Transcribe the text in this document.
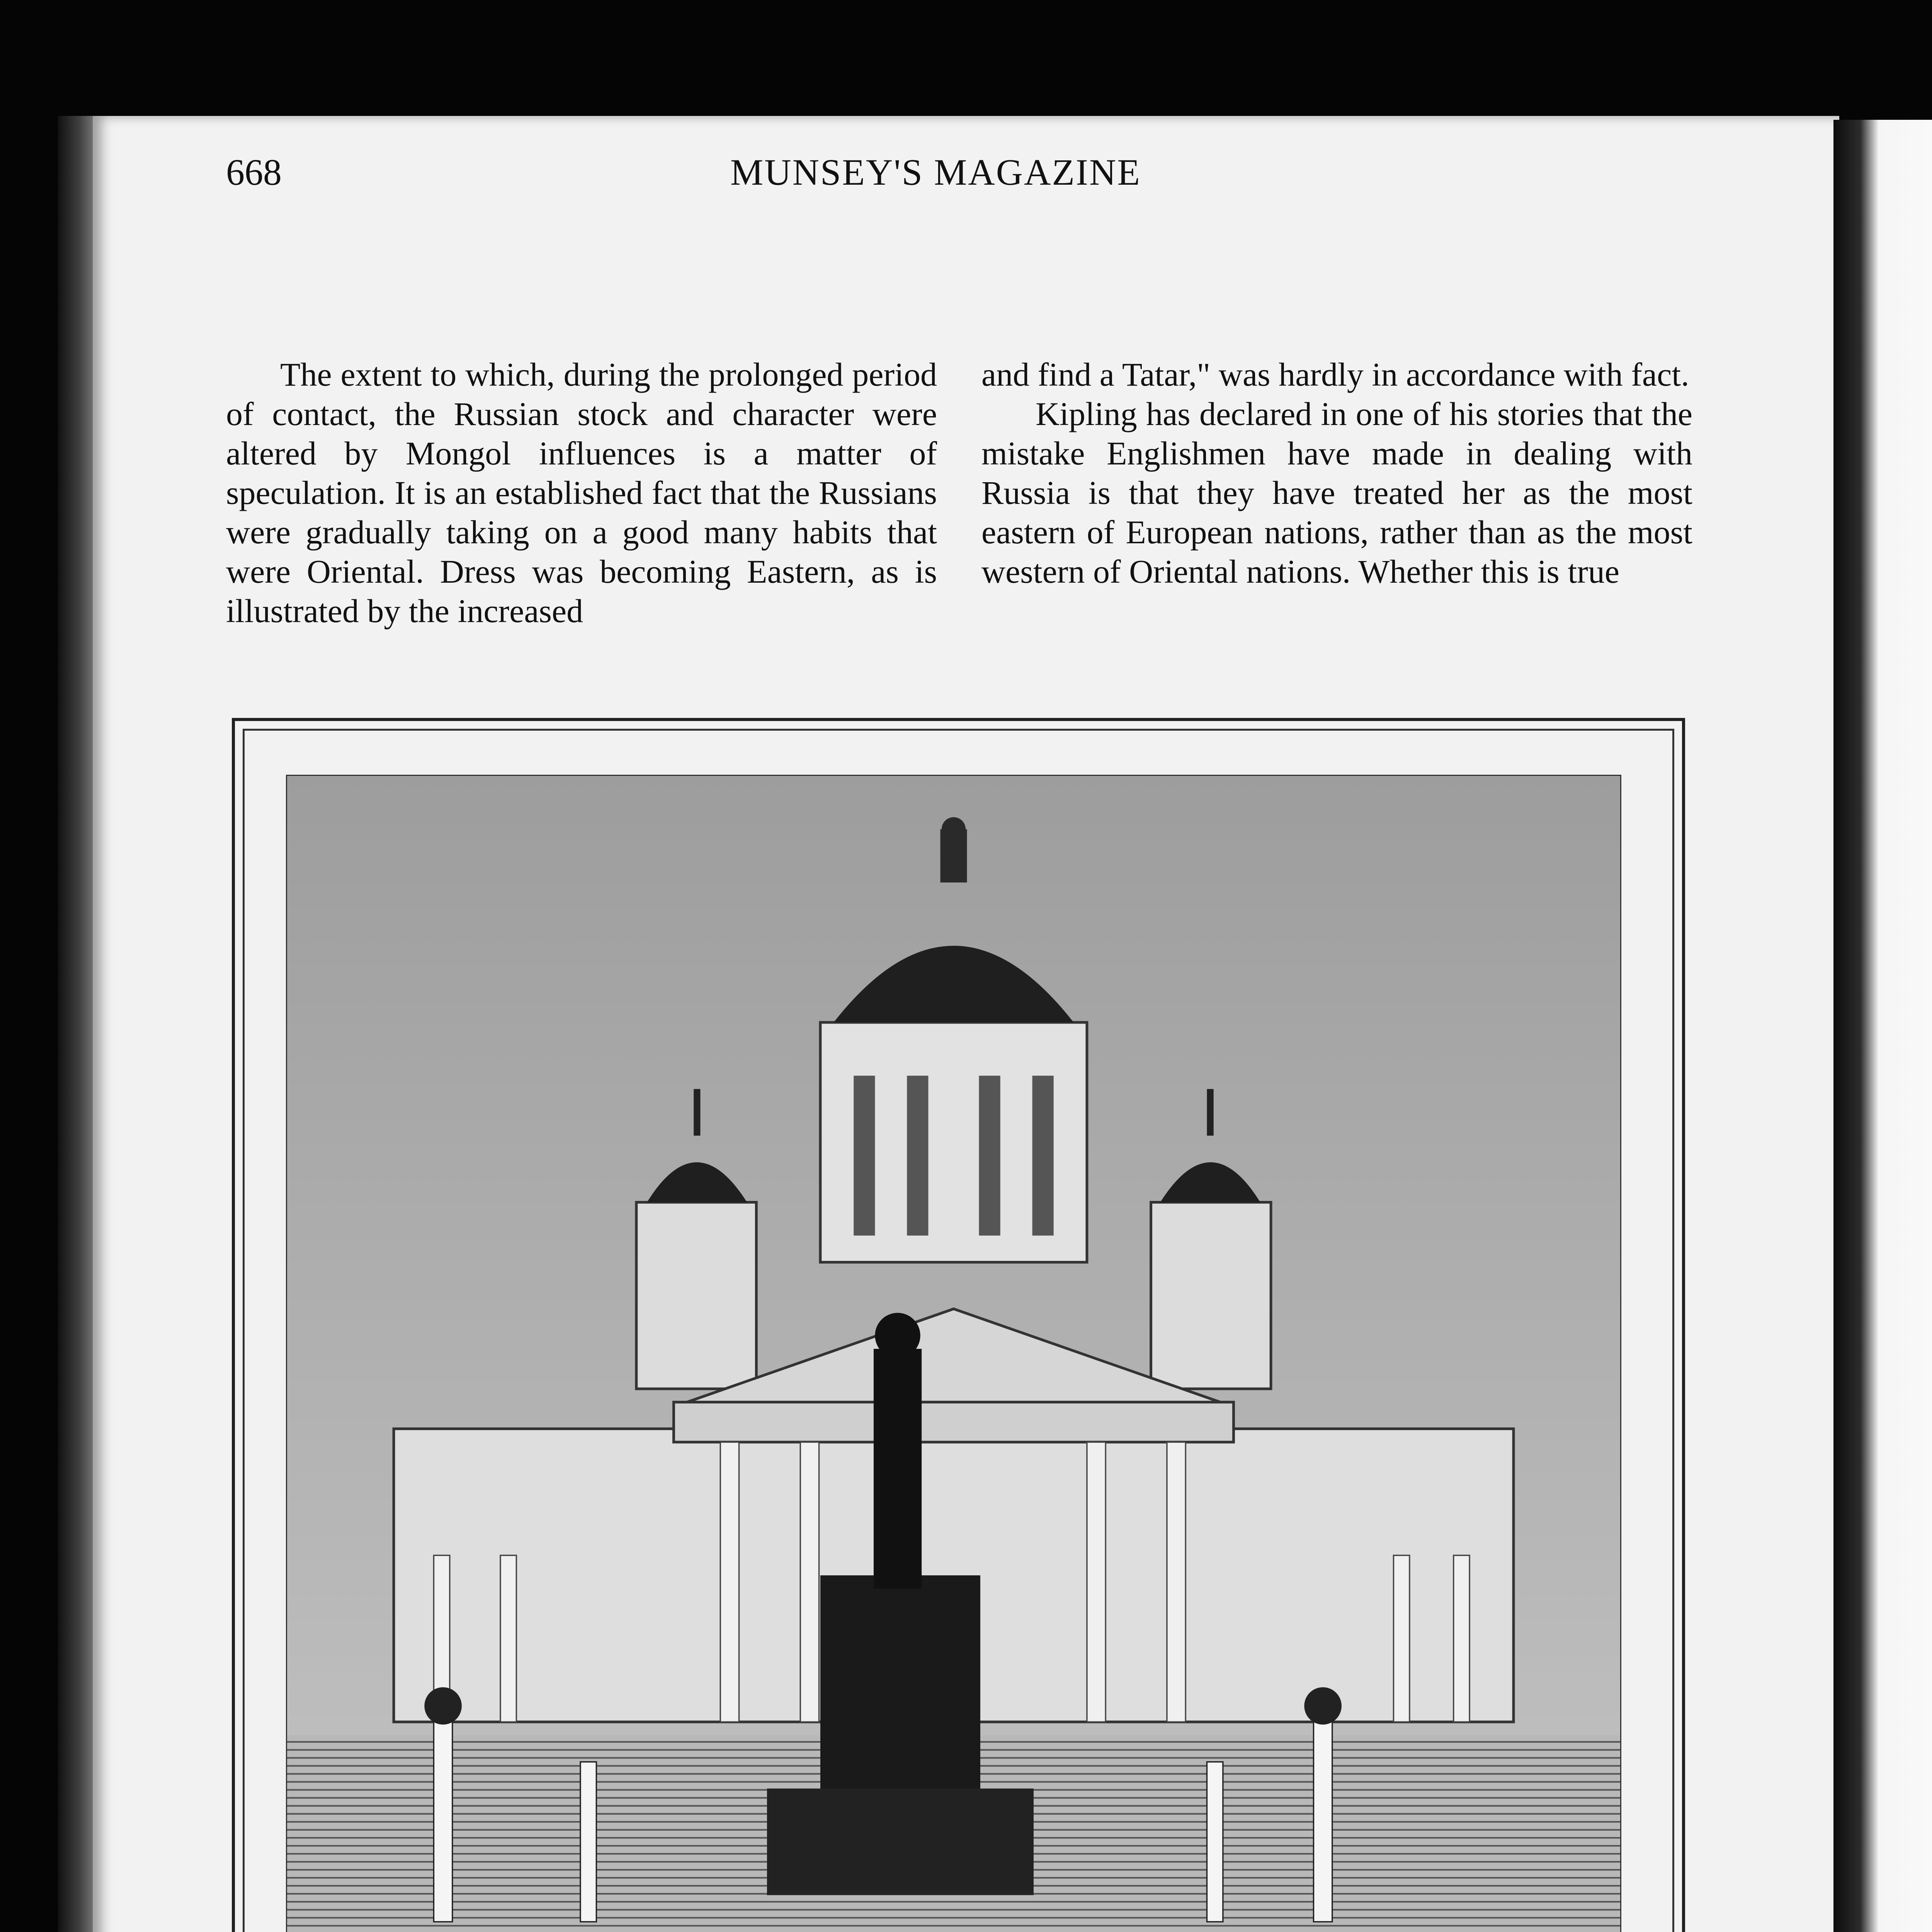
668	MUNSEY'S MAGAZINE

The extent to which, during the prolonged period of contact, the Russian stock and character were altered by Mongol influences is a matter of speculation. It is an established fact that the Russians were gradually taking on a good many habits that were Oriental. Dress was becoming Eastern, as is illustrated by the increased

and find a Tatar," was hardly in accordance with fact.

Kipling has declared in one of his stories that the mistake Englishmen have made in dealing with Russia is that they have treated her as the most eastern of European nations, rather than as the most western of Oriental nations. Whether this is true
